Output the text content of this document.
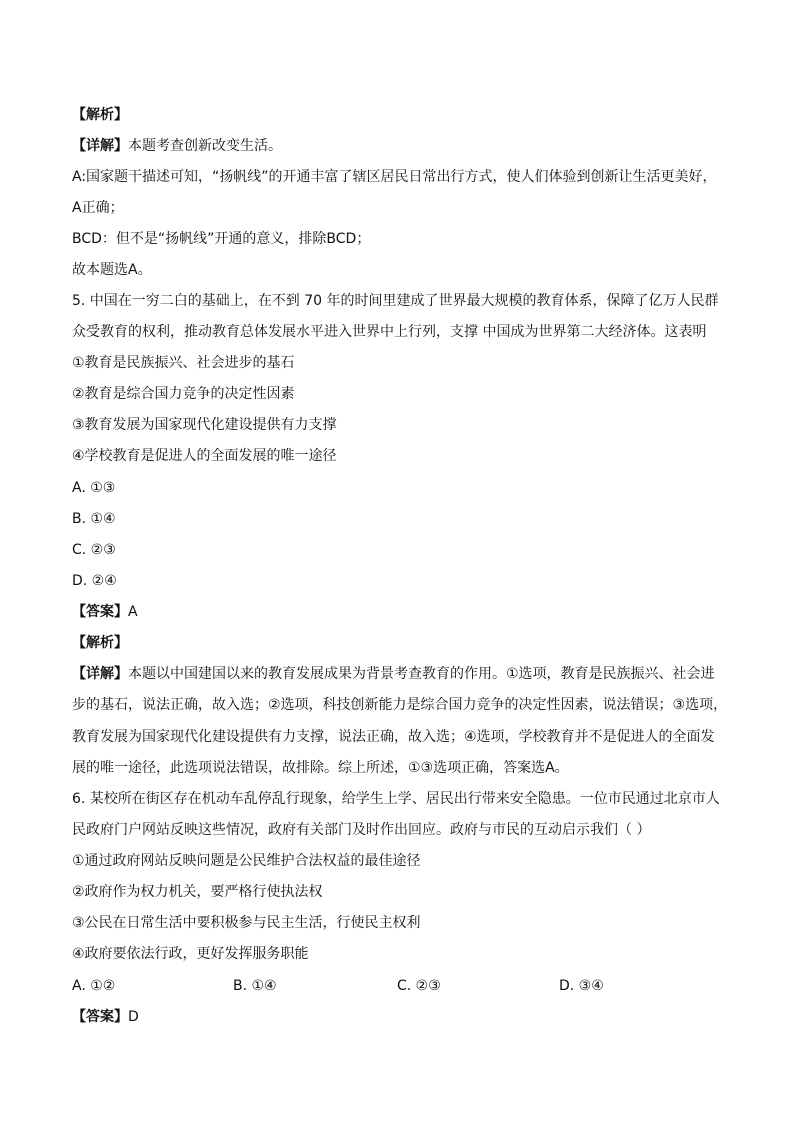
【解析】
【详解】本题考查创新改变生活。
A:国家题干描述可知，“扬帆线”的开通丰富了辖区居民日常出行方式，使人们体验到创新让生活更美好，
A正确；
BCD：但不是“扬帆线”开通的意义，排除BCD；
故本题选A。
5. 中国在一穷二白的基础上，在不到 70 年的时间里建成了世界最大规模的教育体系，保障了亿万人民群
众受教育的权利，推动教育总体发展水平进入世界中上行列，支撑 中国成为世界第二大经济体。这表明
①教育是民族振兴、社会进步的基石
②教育是综合国力竞争的决定性因素
③教育发展为国家现代化建设提供有力支撑
④学校教育是促进人的全面发展的唯一途径
A. ①③
B. ①④
C. ②③
D. ②④
【答案】A
【解析】
【详解】本题以中国建国以来的教育发展成果为背景考查教育的作用。①选项，教育是民族振兴、社会进
步的基石，说法正确，故入选；②选项，科技创新能力是综合国力竞争的决定性因素，说法错误；③选项，
教育发展为国家现代化建设提供有力支撑，说法正确，故入选；④选项，学校教育并不是促进人的全面发
展的唯一途径，此选项说法错误，故排除。综上所述，①③选项正确，答案选A。
6. 某校所在街区存在机动车乱停乱行现象，给学生上学、居民出行带来安全隐患。一位市民通过北京市人
民政府门户网站反映这些情况，政府有关部门及时作出回应。政府与市民的互动启示我们（ ）
①通过政府网站反映问题是公民维护合法权益的最佳途径
②政府作为权力机关，要严格行使执法权
③公民在日常生活中要积极参与民主生活，行使民主权利
④政府要依法行政，更好发挥服务职能
A. ①②	B. ①④	C. ②③	D. ③④
【答案】D
